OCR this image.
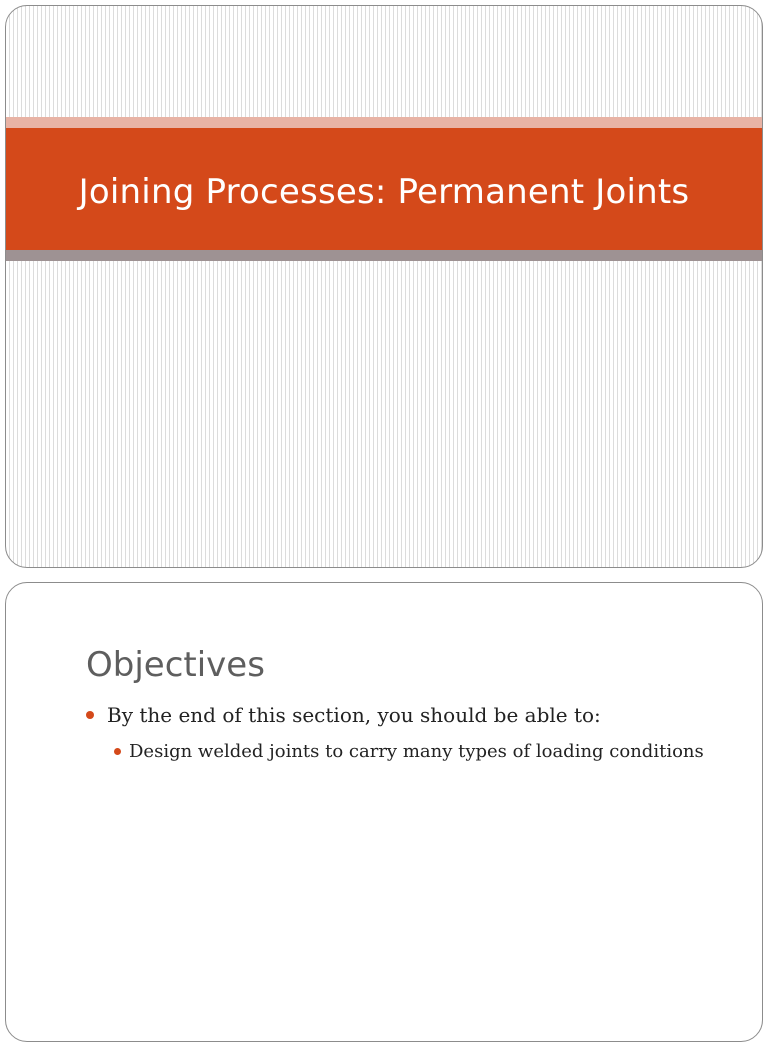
Joining Processes: Permanent Joints
Objectives
By the end of this section, you should be able to:
Design welded joints to carry many types of loading conditions
